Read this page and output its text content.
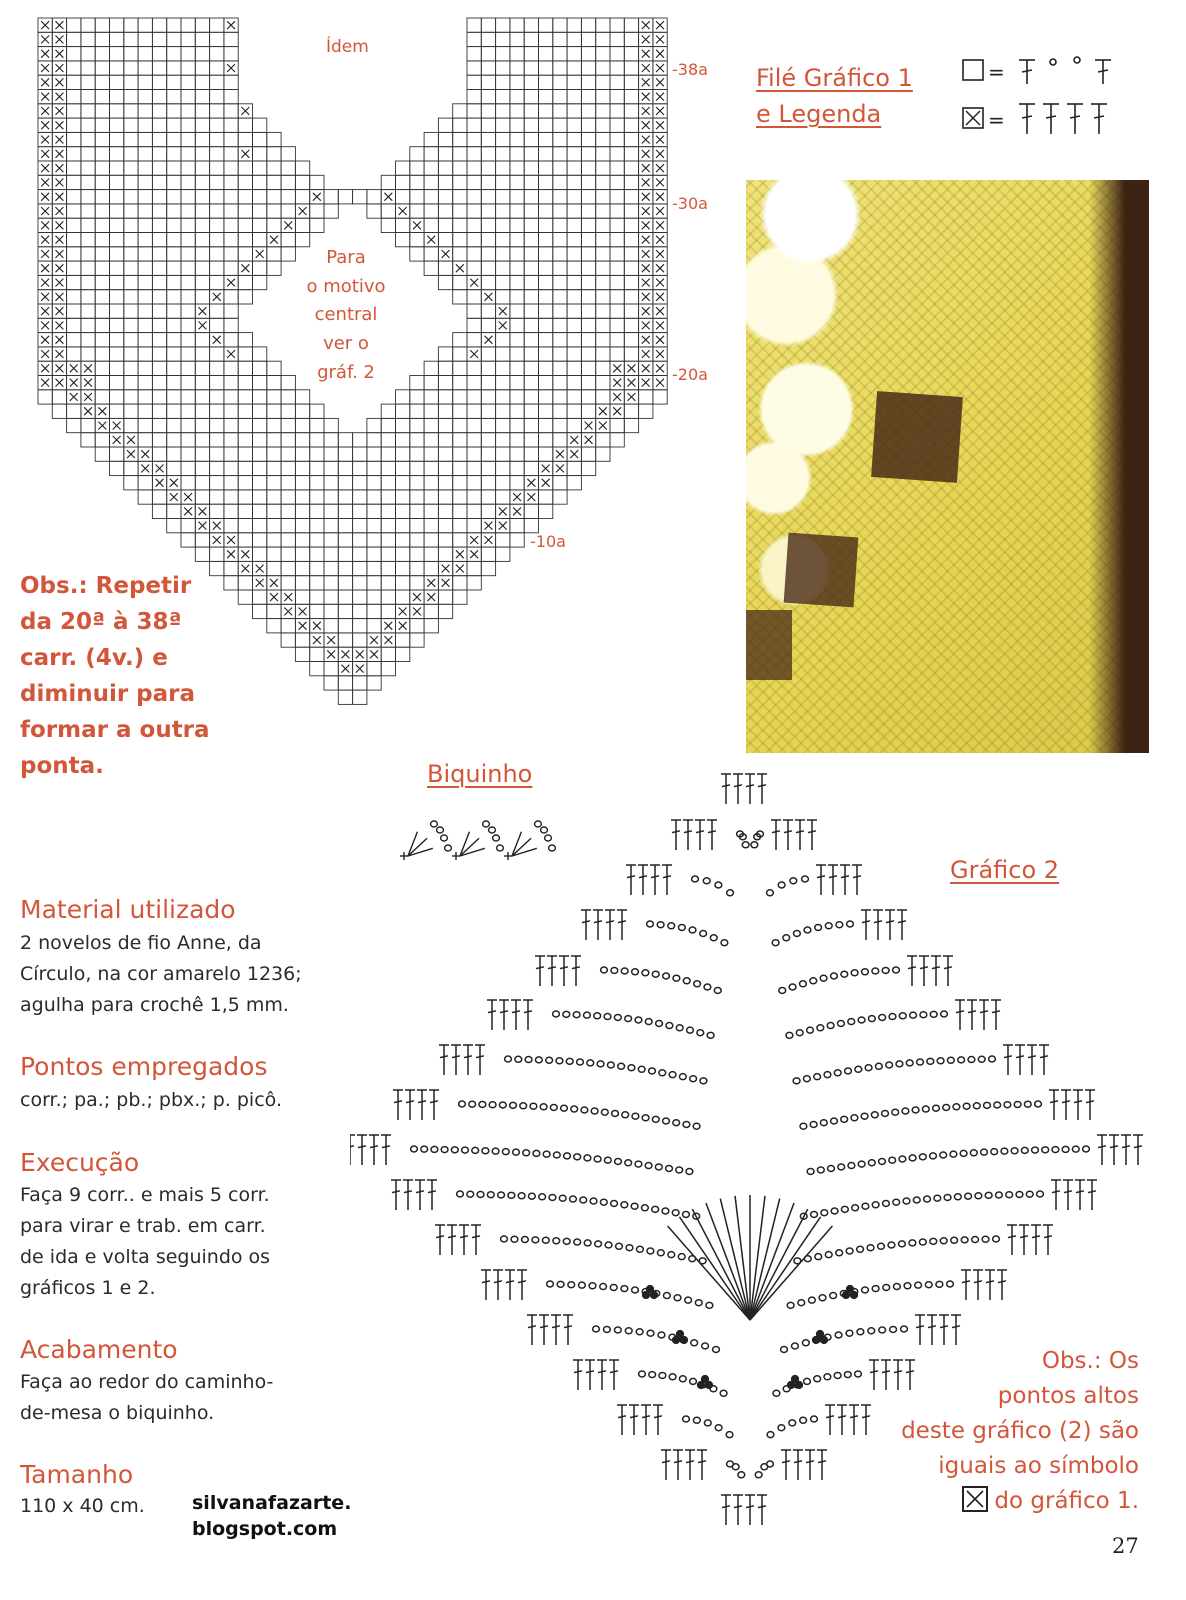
Ídem
Para
o motivo
central
ver o
gráf. 2
-38a
-30a
-20a
-10a
Filé Gráfico 1
e Legenda
=
=
Obs.: Repetir
da 20ª à 38ª
carr. (4v.) e
diminuir para
formar a outra
ponta.	Biquinho
Gráfico 2
Material utilizado
2 novelos de fio Anne, da
Círculo, na cor amarelo 1236;
agulha para crochê 1,5 mm.
Pontos empregados
corr.; pa.; pb.; pbx.; p. picô.
Execução
Faça 9 corr.. e mais 5 corr.
para virar e trab. em carr.
de ida e volta seguindo os
gráficos 1 e 2.
Acabamento
Faça ao redor do caminho-
de-mesa o biquinho.
Tamanho
110 x 40 cm. silvanafazarte.
blogspot.com
Obs.: Os
pontos altos
deste gráfico (2) são
iguais ao símbolo
do gráfico 1.
27
